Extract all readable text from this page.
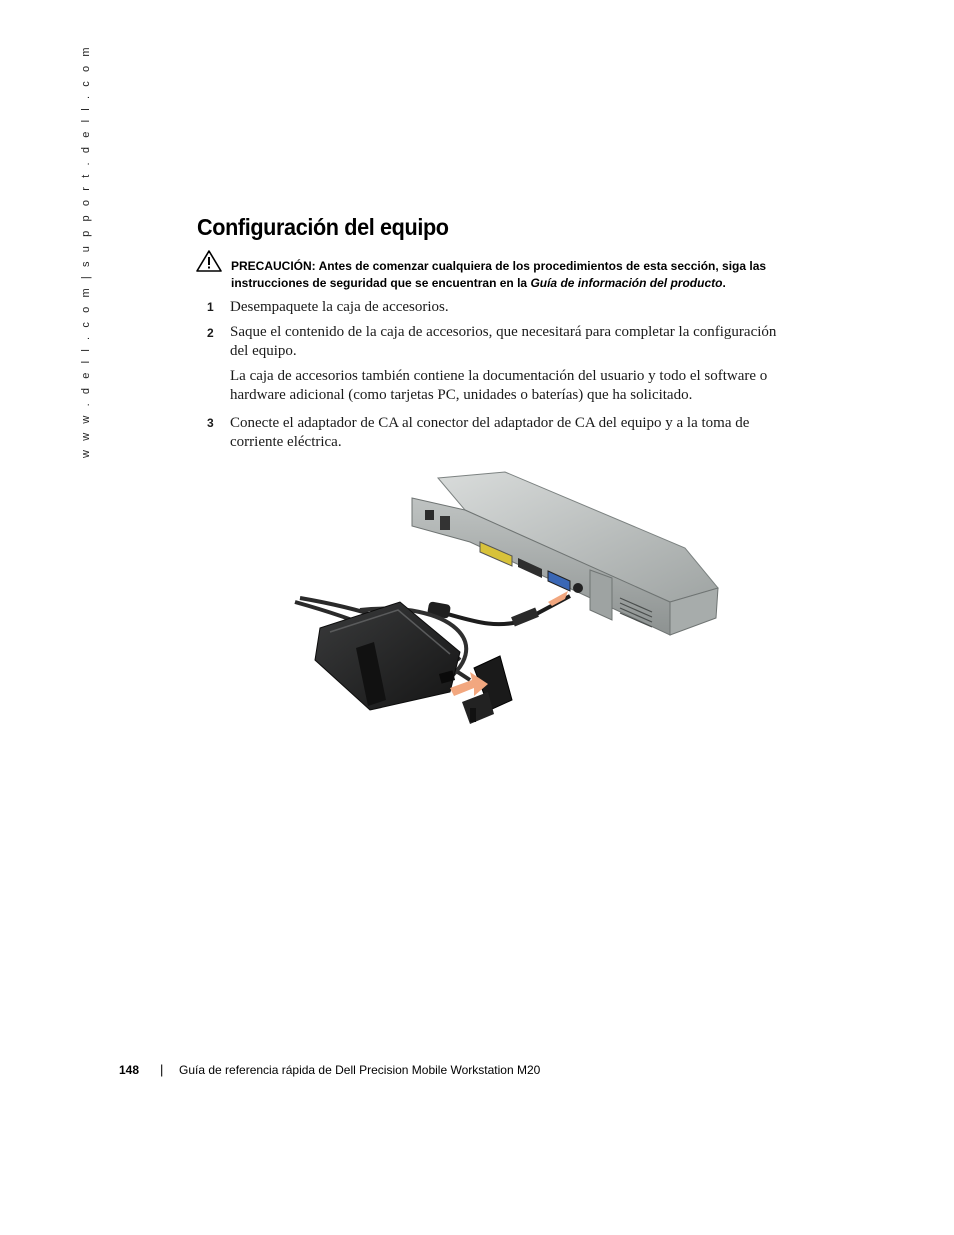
w w w . d e l l . c o m | s u p p o r t . d e l l . c o m	Configuración del equipo
PRECAUCIÓN: Antes de comenzar cualquiera de los procedimientos de esta sección, siga las
instrucciones de seguridad que se encuentran en la Guía de información del producto.
1 Desempaquete la caja de accesorios.
2 Saque el contenido de la caja de accesorios, que necesitará para completar la configuración
del equipo.
La caja de accesorios también contiene la documentación del usuario y todo el software o
hardware adicional (como tarjetas PC, unidades o baterías) que ha solicitado.
3 Conecte el adaptador de CA al conector del adaptador de CA del equipo y a la toma de
corriente eléctrica.
148 | Guía de referencia rápida de Dell Precision Mobile Workstation M20
